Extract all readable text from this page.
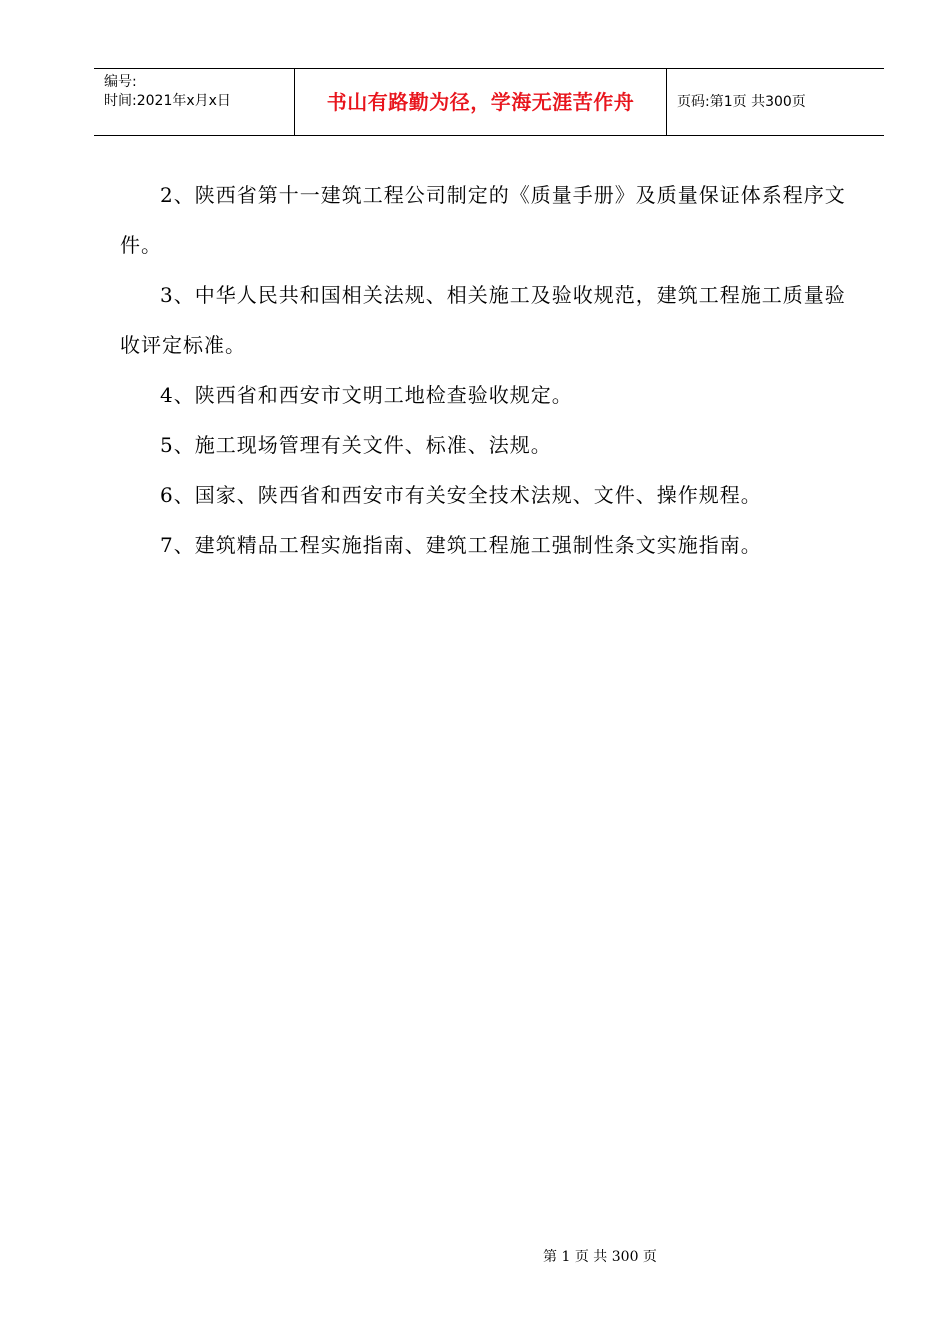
编号:
时间:2021年x月x日	书山有路勤为径，学海无涯苦作舟	页码:第1页 共300页

2、陕西省第十一建筑工程公司制定的《质量手册》及质量保证体系程序文件。

3、中华人民共和国相关法规、相关施工及验收规范，建筑工程施工质量验收评定标准。

4、陕西省和西安市文明工地检查验收规定。

5、施工现场管理有关文件、标准、法规。

6、国家、陕西省和西安市有关安全技术法规、文件、操作规程。

7、建筑精品工程实施指南、建筑工程施工强制性条文实施指南。

第 1 页 共 300 页
